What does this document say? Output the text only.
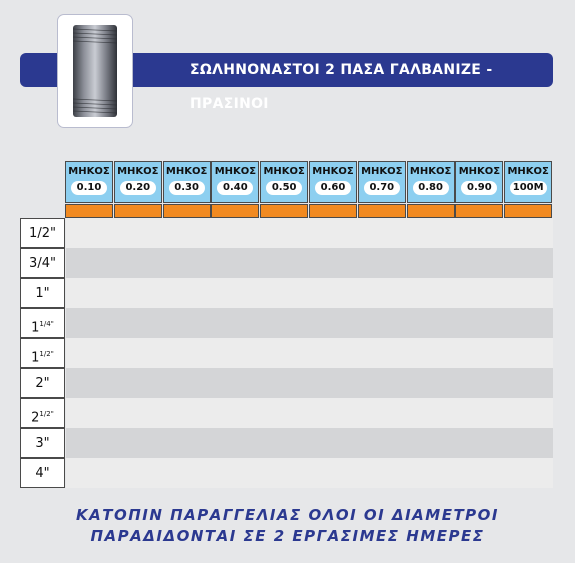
ΣΩΛΗΝΟΝΑΣΤΟΙ 2 ΠΑΣΑ ΓΑΛΒΑΝΙΖΕ - ΠΡΑΣΙΝΟΙ
ΜΗΚΟΣ
0.10
ΜΗΚΟΣ
0.20
ΜΗΚΟΣ
0.30
ΜΗΚΟΣ
0.40
ΜΗΚΟΣ
0.50
ΜΗΚΟΣ
0.60
ΜΗΚΟΣ
0.70
ΜΗΚΟΣ
0.80
ΜΗΚΟΣ
0.90
ΜΗΚΟΣ
100Μ
1/2"
3/4"
1"
$1^{1/4"}$
$1^{1/2"}$
2"
$2^{1/2"}$
3"
4"
ΚΑΤΟΠΙΝ ΠΑΡΑΓΓΕΛΙΑΣ ΟΛΟΙ ΟΙ ΔΙΑΜΕΤΡΟΙ
ΠΑΡΑΔΙΔΟΝΤΑΙ ΣΕ 2 ΕΡΓΑΣΙΜΕΣ ΗΜΕΡΕΣ
